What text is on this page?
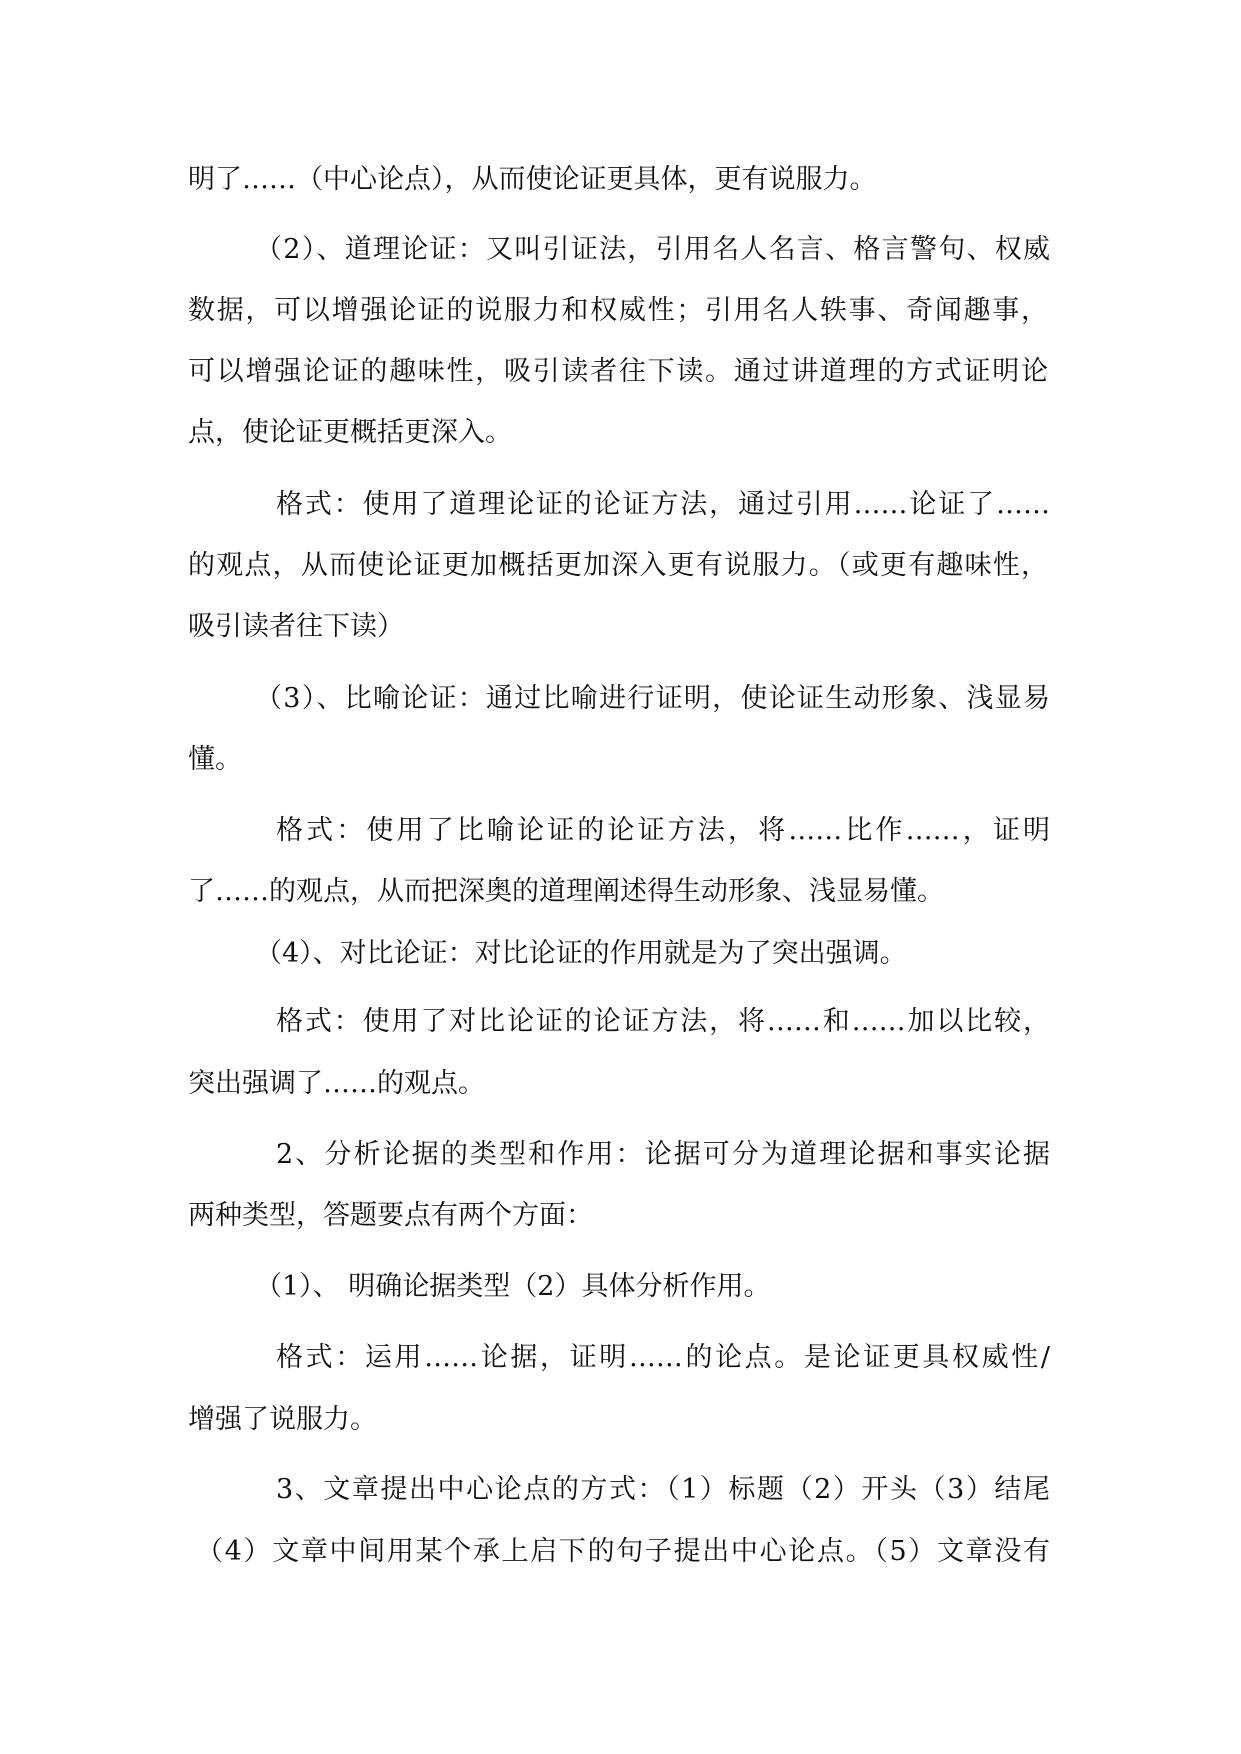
明了……（中心论点），从而使论证更具体，更有说服力。
（2）、道理论证：又叫引证法，引用名人名言、格言警句、权威
数据，可以增强论证的说服力和权威性；引用名人轶事、奇闻趣事，
可以增强论证的趣味性，吸引读者往下读。通过讲道理的方式证明论
点，使论证更概括更深入。
格式：使用了道理论证的论证方法，通过引用……论证了……
的观点，从而使论证更加概括更加深入更有说服力。（或更有趣味性，
吸引读者往下读）
（3）、比喻论证：通过比喻进行证明，使论证生动形象、浅显易
懂。
格式：使用了比喻论证的论证方法，将……比作……，证明
了……的观点，从而把深奥的道理阐述得生动形象、浅显易懂。
（4）、对比论证：对比论证的作用就是为了突出强调。
格式：使用了对比论证的论证方法，将……和……加以比较，
突出强调了……的观点。
2、分析论据的类型和作用：论据可分为道理论据和事实论据
两种类型，答题要点有两个方面：
（1）、 明确论据类型（2）具体分析作用。
格式：运用……论据，证明……的论点。是论证更具权威性/
增强了说服力。
3、文章提出中心论点的方式：（1）标题（2）开头（3）结尾
（4）文章中间用某个承上启下的句子提出中心论点。（5）文章没有
